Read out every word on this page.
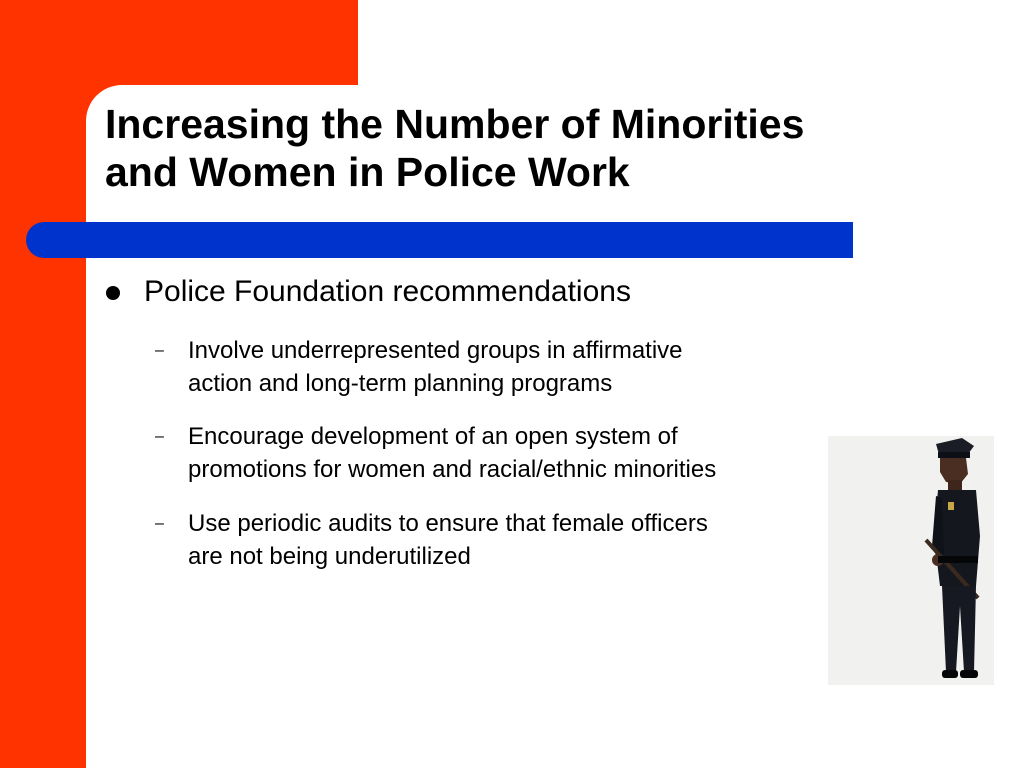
Increasing the Number of Minorities
and Women in Police Work
Police Foundation recommendations
– Involve underrepresented groups in affirmative
action and long-term planning programs
– Encourage development of an open system of
promotions for women and racial/ethnic minorities
– Use periodic audits to ensure that female officers
are not being underutilized
